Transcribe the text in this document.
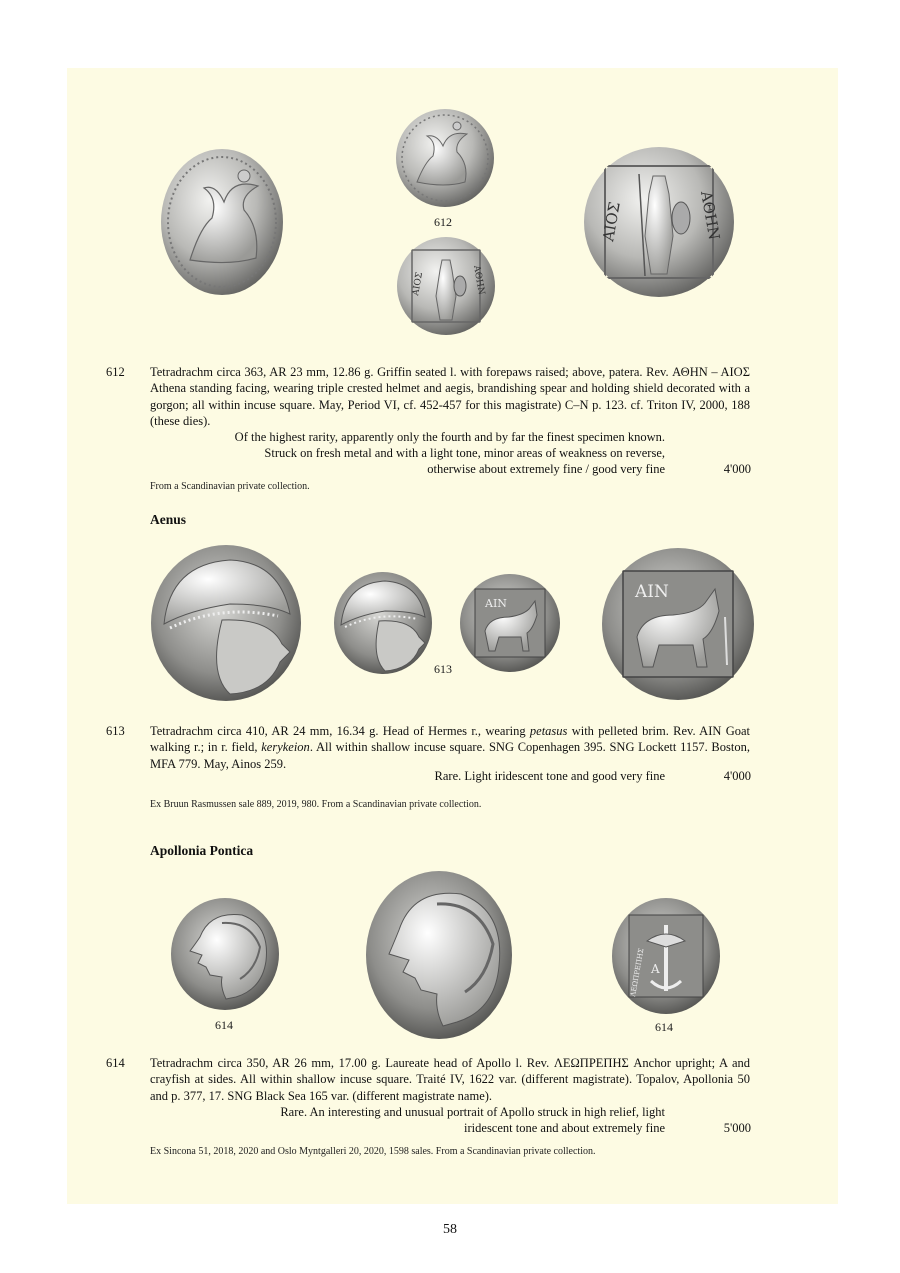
612
ΑΙΟΣ	ΑΘΗΝ
ΑΙΟΣ	ΑΘΗΝ
612 Tetradrachm circa 363, AR 23 mm, 12.86 g. Griffin seated l. with forepaws raised; above, patera. Rev. ΑΘΗΝ – ΑΙΟΣ Athena standing facing, wearing triple crested helmet and aegis, brandishing spear and holding shield decorated with a gorgon; all within incuse square. May, Period VI, cf. 452-457 for this magistrate) C–N p. 123. cf. Triton IV, 2000, 188 (these dies).
Of the highest rarity, apparently only the fourth and by far the finest specimen known.
Struck on fresh metal and with a light tone, minor areas of weakness on reverse,
otherwise about extremely fine / good very fine	4'000
From a Scandinavian private collection.
Aenus
613
ΑΙΝ
ΑΙΝ
613 Tetradrachm circa 410, AR 24 mm, 16.34 g. Head of Hermes r., wearing petasus with pelleted brim. Rev. AIN Goat walking r.; in r. field, kerykeion. All within shallow incuse square. SNG Copenhagen 395. SNG Lockett 1157. Boston, MFA 779. May, Ainos 259.
Rare. Light iridescent tone and good very fine	4'000
Ex Bruun Rasmussen sale 889, 2019, 980. From a Scandinavian private collection.
Apollonia Pontica
614
Α
ΛΕΩΠΡΕΠΗΣ
614
614 Tetradrachm circa 350, AR 26 mm, 17.00 g. Laureate head of Apollo l. Rev. ΛΕΩΠΡΕΠΗΣ Anchor upright; A and crayfish at sides. All within shallow incuse square. Traité IV, 1622 var. (different magistrate). Topalov, Apollonia 50 and p. 377, 17. SNG Black Sea 165 var. (different magistrate name).
Rare. An interesting and unusual portrait of Apollo struck in high relief, light
iridescent tone and about extremely fine	5'000
Ex Sincona 51, 2018, 2020 and Oslo Myntgalleri 20, 2020, 1598 sales. From a Scandinavian private collection.
58
